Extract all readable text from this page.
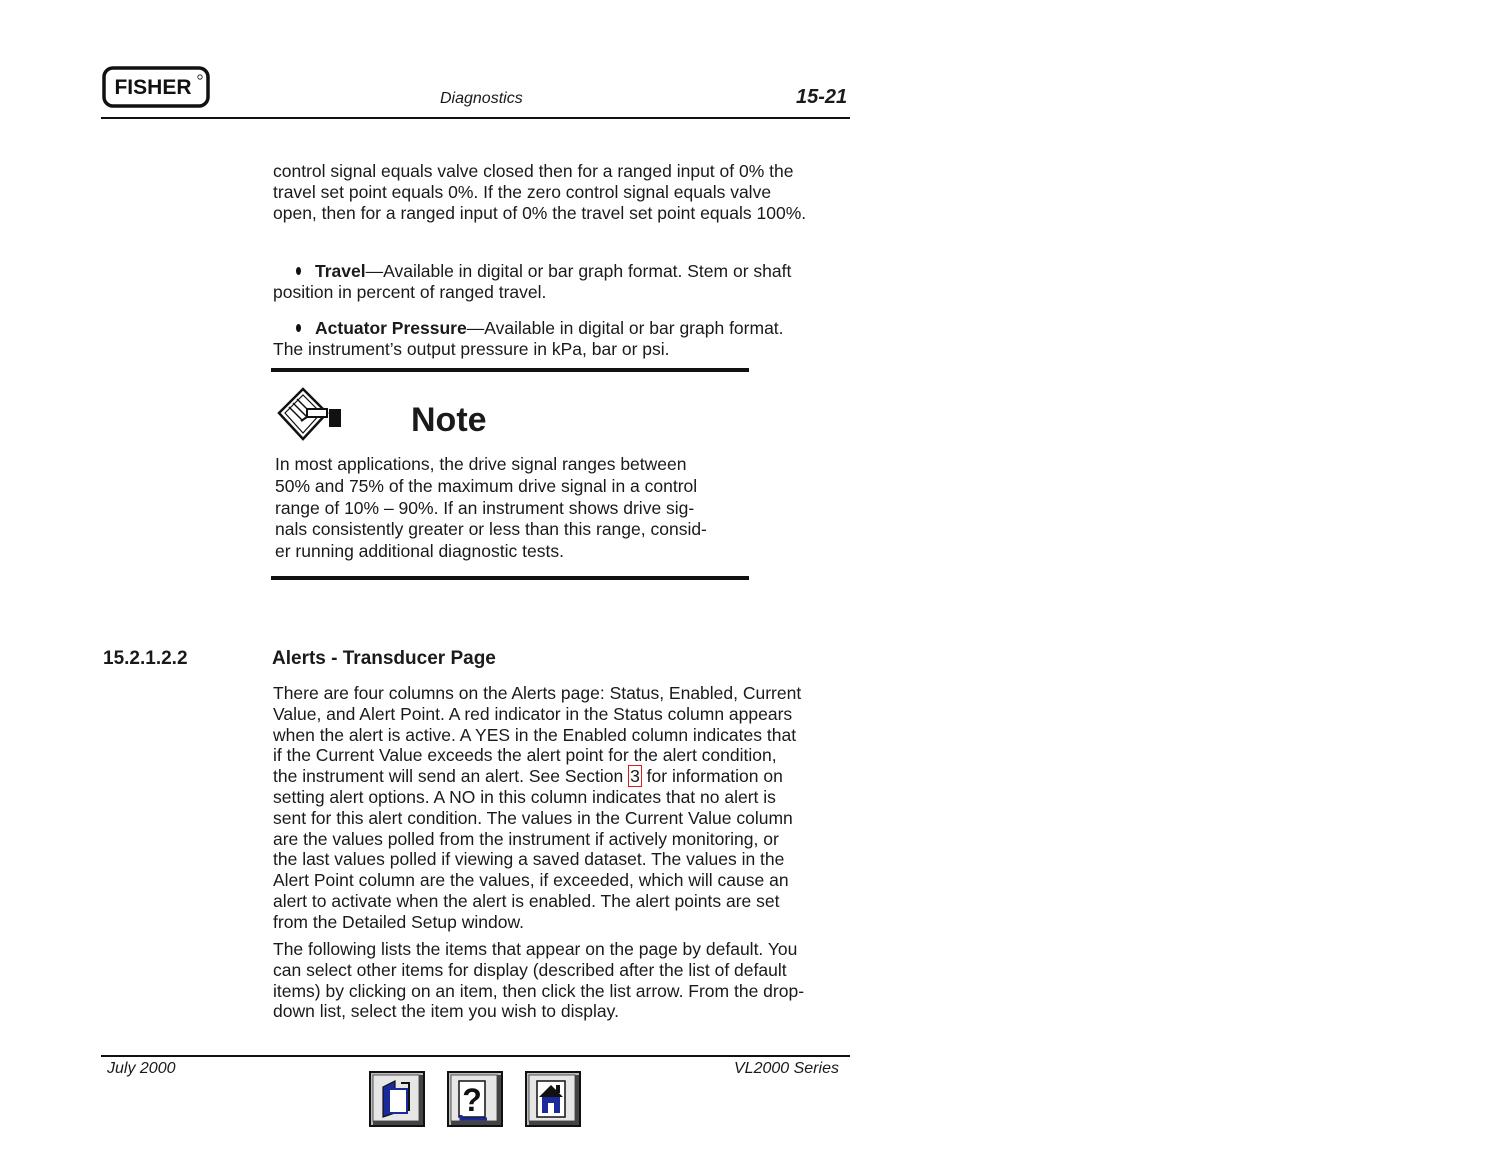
FISHER	Diagnostics	15-21
control signal equals valve closed then for a ranged input of 0% the
travel set point equals 0%. If the zero control signal equals valve
open, then for a ranged input of 0% the travel set point equals 100%.

Travel—Available in digital or bar graph format. Stem or shaft
position in percent of ranged travel.

Actuator Pressure—Available in digital or bar graph format.
The instrument’s output pressure in kPa, bar or psi.

Note
In most applications, the drive signal ranges between
50% and 75% of the maximum drive signal in a control
range of 10% – 90%. If an instrument shows drive sig-
nals consistently greater or less than this range, consid-
er running additional diagnostic tests.
15.2.1.2.2	Alerts - Transducer Page
There are four columns on the Alerts page: Status, Enabled, Current
Value, and Alert Point. A red indicator in the Status column appears
when the alert is active. A YES in the Enabled column indicates that
if the Current Value exceeds the alert point for the alert condition,
the instrument will send an alert. See Section 3 for information on
setting alert options. A NO in this column indicates that no alert is
sent for this alert condition. The values in the Current Value column
are the values polled from the instrument if actively monitoring, or
the last values polled if viewing a saved dataset. The values in the
Alert Point column are the values, if exceeded, which will cause an
alert to activate when the alert is enabled. The alert points are set
from the Detailed Setup window.
The following lists the items that appear on the page by default. You
can select other items for display (described after the list of default
items) by clicking on an item, then click the list arrow. From the drop-
down list, select the item you wish to display.
July 2000	VL2000 Series
?
